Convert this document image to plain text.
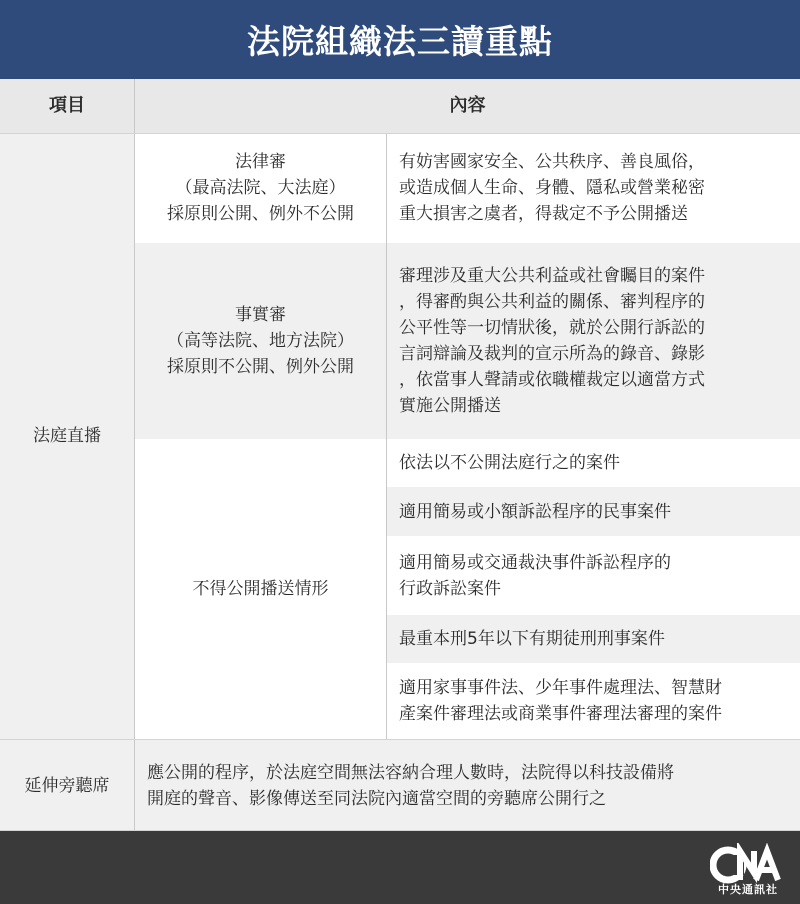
法院組織法三讀重點
項目	內容
法庭直播
法律審
（最高法院、大法庭）
採原則公開、例外不公開
有妨害國家安全、公共秩序、善良風俗，
或造成個人生命、身體、隱私或營業秘密
重大損害之虞者，得裁定不予公開播送
事實審
（高等法院、地方法院）
採原則不公開、例外公開
審理涉及重大公共利益或社會矚目的案件
，得審酌與公共利益的關係、審判程序的
公平性等一切情狀後，就於公開行訴訟的
言詞辯論及裁判的宣示所為的錄音、錄影
，依當事人聲請或依職權裁定以適當方式
實施公開播送
不得公開播送情形
依法以不公開法庭行之的案件
適用簡易或小額訴訟程序的民事案件
適用簡易或交通裁決事件訴訟程序的
行政訴訟案件
最重本刑5年以下有期徒刑刑事案件
適用家事事件法、少年事件處理法、智慧財
產案件審理法或商業事件審理法審理的案件
延伸旁聽席
應公開的程序，於法庭空間無法容納合理人數時，法院得以科技設備將
開庭的聲音、影像傳送至同法院內適當空間的旁聽席公開行之
中央通訊社
